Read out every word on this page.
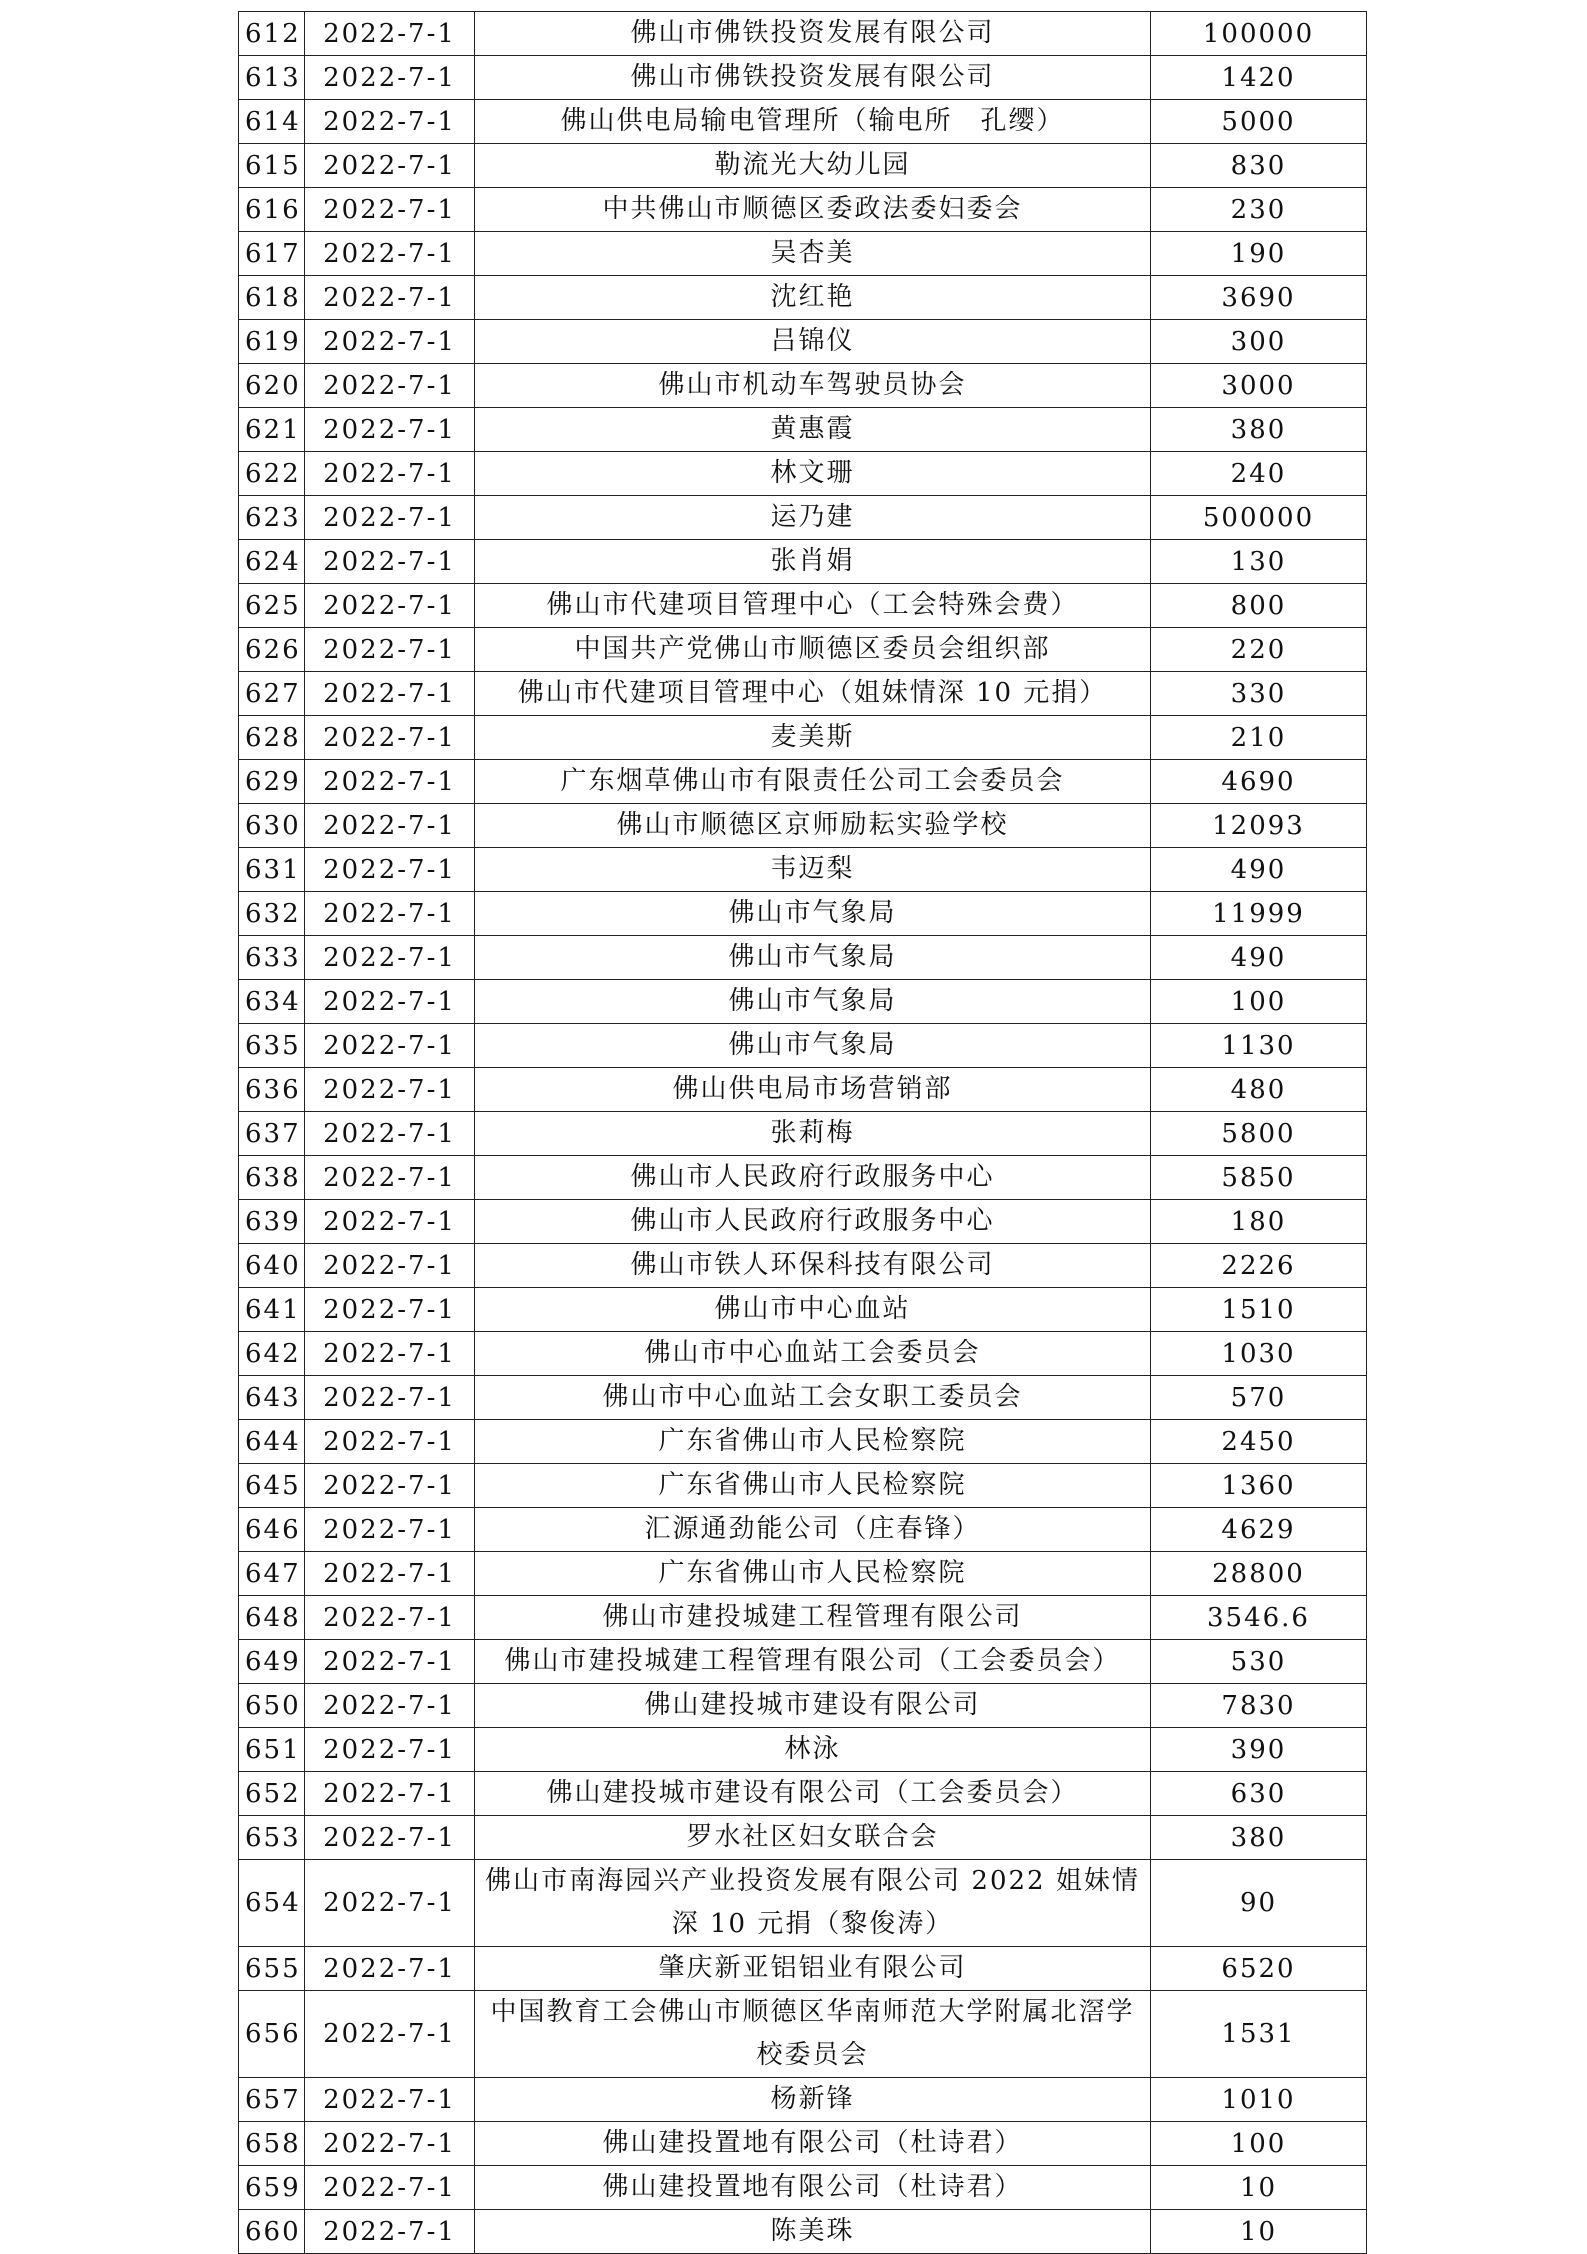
612	2022-7-1	佛山市佛铁投资发展有限公司	100000
613	2022-7-1	佛山市佛铁投资发展有限公司	1420
614	2022-7-1	佛山供电局输电管理所（输电所　孔缨）	5000
615	2022-7-1	勒流光大幼儿园	830
616	2022-7-1	中共佛山市顺德区委政法委妇委会	230
617	2022-7-1	吴杏美	190
618	2022-7-1	沈红艳	3690
619	2022-7-1	吕锦仪	300
620	2022-7-1	佛山市机动车驾驶员协会	3000
621	2022-7-1	黄惠霞	380
622	2022-7-1	林文珊	240
623	2022-7-1	运乃建	500000
624	2022-7-1	张肖娟	130
625	2022-7-1	佛山市代建项目管理中心（工会特殊会费）	800
626	2022-7-1	中国共产党佛山市顺德区委员会组织部	220
627	2022-7-1	佛山市代建项目管理中心（姐妹情深 10 元捐）	330
628	2022-7-1	麦美斯	210
629	2022-7-1	广东烟草佛山市有限责任公司工会委员会	4690
630	2022-7-1	佛山市顺德区京师励耘实验学校	12093
631	2022-7-1	韦迈梨	490
632	2022-7-1	佛山市气象局	11999
633	2022-7-1	佛山市气象局	490
634	2022-7-1	佛山市气象局	100
635	2022-7-1	佛山市气象局	1130
636	2022-7-1	佛山供电局市场营销部	480
637	2022-7-1	张莉梅	5800
638	2022-7-1	佛山市人民政府行政服务中心	5850
639	2022-7-1	佛山市人民政府行政服务中心	180
640	2022-7-1	佛山市铁人环保科技有限公司	2226
641	2022-7-1	佛山市中心血站	1510
642	2022-7-1	佛山市中心血站工会委员会	1030
643	2022-7-1	佛山市中心血站工会女职工委员会	570
644	2022-7-1	广东省佛山市人民检察院	2450
645	2022-7-1	广东省佛山市人民检察院	1360
646	2022-7-1	汇源通劲能公司（庄春锋）	4629
647	2022-7-1	广东省佛山市人民检察院	28800
648	2022-7-1	佛山市建投城建工程管理有限公司	3546.6
649	2022-7-1	佛山市建投城建工程管理有限公司（工会委员会）	530
650	2022-7-1	佛山建投城市建设有限公司	7830
651	2022-7-1	林泳	390
652	2022-7-1	佛山建投城市建设有限公司（工会委员会）	630
653	2022-7-1	罗水社区妇女联合会	380
654	2022-7-1	佛山市南海园兴产业投资发展有限公司 2022 姐妹情深 10 元捐（黎俊涛）	90
655	2022-7-1	肇庆新亚铝铝业有限公司	6520
656	2022-7-1	中国教育工会佛山市顺德区华南师范大学附属北滘学校委员会	1531
657	2022-7-1	杨新锋	1010
658	2022-7-1	佛山建投置地有限公司（杜诗君）	100
659	2022-7-1	佛山建投置地有限公司（杜诗君）	10
660	2022-7-1	陈美珠	10
